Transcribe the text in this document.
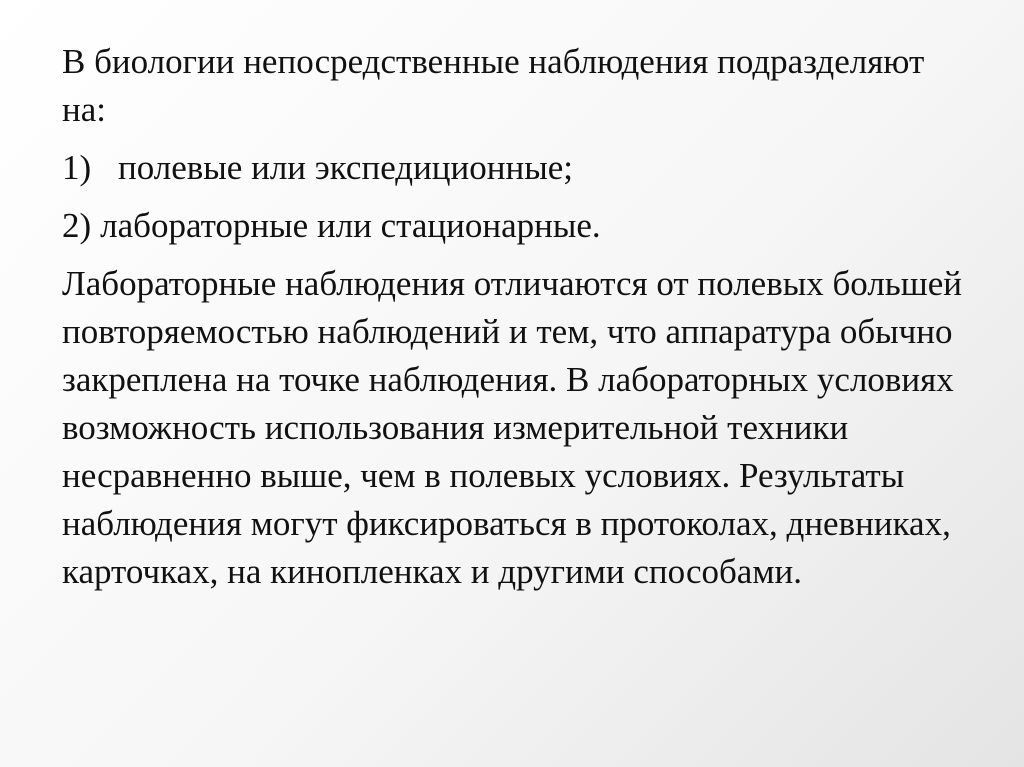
В биологии непосредственные наблюдения подразделяют на:

1) полевые или экспедиционные;
2) лабораторные или стационарные.

Лабораторные наблюдения отличаются от полевых большей повторяемостью наблюдений и тем, что аппаратура обычно закреплена на точке наблюдения. В лабораторных условиях возможность использования измерительной техники несравненно выше, чем в полевых условиях. Результаты наблюдения могут фиксироваться в протоколах, дневниках, карточках, на кинопленках и другими способами.
